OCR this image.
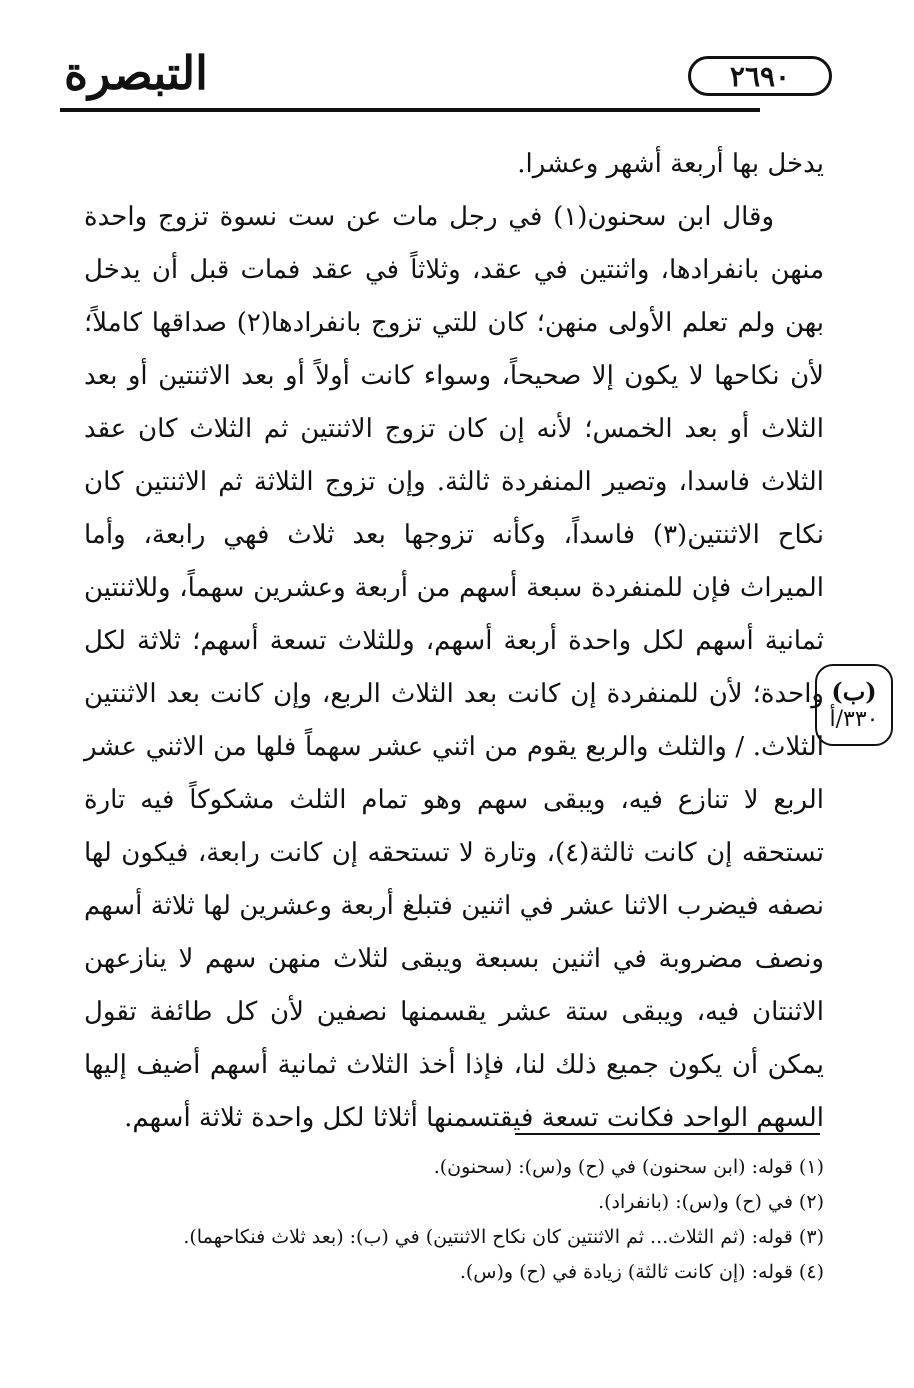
التبصرة	٢٦٩٠

يدخل بها أربعة أشهر وعشرا.

وقال ابن سحنون(١) في رجل مات عن ست نسوة تزوج واحدة منهن بانفرادها، واثنتين في عقد، وثلاثاً في عقد فمات قبل أن يدخل بهن ولم تعلم الأولى منهن؛ كان للتي تزوج بانفرادها(٢) صداقها كاملاً؛ لأن نكاحها لا يكون إلا صحيحاً، وسواء كانت أولاً أو بعد الاثنتين أو بعد الثلاث أو بعد الخمس؛ لأنه إن كان تزوج الاثنتين ثم الثلاث كان عقد الثلاث فاسدا، وتصير المنفردة ثالثة. وإن تزوج الثلاثة ثم الاثنتين كان نكاح الاثنتين(٣) فاسداً، وكأنه تزوجها بعد ثلاث فهي رابعة، وأما الميراث فإن للمنفردة سبعة أسهم من أربعة وعشرين سهماً، وللاثنتين ثمانية أسهم لكل واحدة أربعة أسهم، وللثلاث تسعة أسهم؛ ثلاثة لكل واحدة؛ لأن للمنفردة إن كانت بعد الثلاث الربع، وإن كانت بعد الاثنتين الثلاث. / والثلث والربع يقوم من اثني عشر سهماً فلها من الاثني عشر الربع لا تنازع فيه، ويبقى سهم وهو تمام الثلث مشكوكاً فيه تارة تستحقه إن كانت ثالثة(٤)، وتارة لا تستحقه إن كانت رابعة، فيكون لها نصفه فيضرب الاثنا عشر في اثنين فتبلغ أربعة وعشرين لها ثلاثة أسهم ونصف مضروبة في اثنين بسبعة ويبقى لثلاث منهن سهم لا ينازعهن الاثنتان فيه، ويبقى ستة عشر يقسمنها نصفين لأن كل طائفة تقول يمكن أن يكون جميع ذلك لنا، فإذا أخذ الثلاث ثمانية أسهم أضيف إليها السهم الواحد فكانت تسعة فيقتسمنها أثلاثا لكل واحدة ثلاثة أسهم.

(ب)
٣٣٠/أ

(١) قوله: (ابن سحنون) في (ح) و(س): (سحنون).

(٢) في (ح) و(س): (بانفراد).

(٣) قوله: (ثم الثلاث... ثم الاثنتين كان نكاح الاثنتين) في (ب): (بعد ثلاث فنكاحهما).

(٤) قوله: (إن كانت ثالثة) زيادة في (ح) و(س).
